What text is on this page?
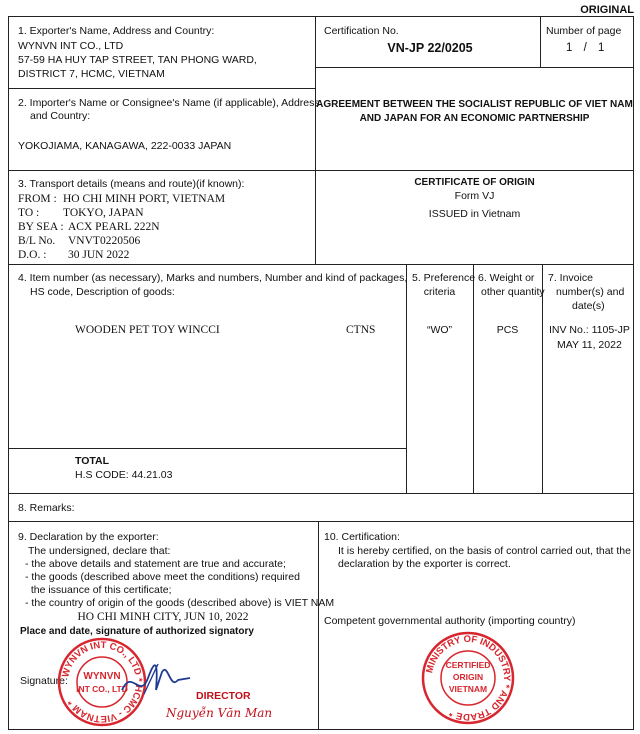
ORIGINAL
1. Exporter's Name, Address and Country:
WYNVN INT CO., LTD
57-59 HA HUY TAP STREET, TAN PHONG WARD,
DISTRICT 7, HCMC, VIETNAM
Certification No.
VN-JP 22/0205
Number of page
1 / 1
2. Importer's Name or Consignee's Name (if applicable), Address
and Country:
YOKOJIAMA, KANAGAWA, 222-0033 JAPAN
AGREEMENT BETWEEN THE SOCIALIST REPUBLIC OF VIET NAM
AND JAPAN FOR AN ECONOMIC PARTNERSHIP
3. Transport details (means and route)(if known):
FROM : HO CHI MINH PORT, VIETNAM
TO : TOKYO, JAPAN
BY SEA : ACX PEARL 222N
B/L No. VNVT0220506
D.O. : 30 JUN 2022
CERTIFICATE OF ORIGIN
Form VJ
ISSUED in Vietnam
4. Item number (as necessary), Marks and numbers, Number and kind of packages,
HS code, Description of goods:
5. Preference
criteria
6. Weight or
other quantity
7. Invoice
number(s) and
date(s)
WOODEN PET TOY WINCCI	CTNS	“WO”	PCS	INV No.: 1105-JP
MAY 11, 2022
TOTAL
H.S CODE: 44.21.03
8. Remarks:
9. Declaration by the exporter:
The undersigned, declare that:
- the above details and statement are true and accurate;
- the goods (described above meet the conditions) required
the issuance of this certificate;
- the country of origin of the goods (described above) is VIET NAM
HO CHI MINH CITY, JUN 10, 2022
Place and date, signature of authorized signatory
Signature:
WYNVN INT CO., LTD * HCMC - VIETNAM *
WYNVN
INT CO., LTD
DIRECTOR
Nguyễn Văn Man
10. Certification:
It is hereby certified, on the basis of control carried out, that the
declaration by the exporter is correct.
Competent governmental authority (importing country)
MINISTRY OF INDUSTRY * AND TRADE *
CERTIFIED
ORIGIN
VIETNAM
